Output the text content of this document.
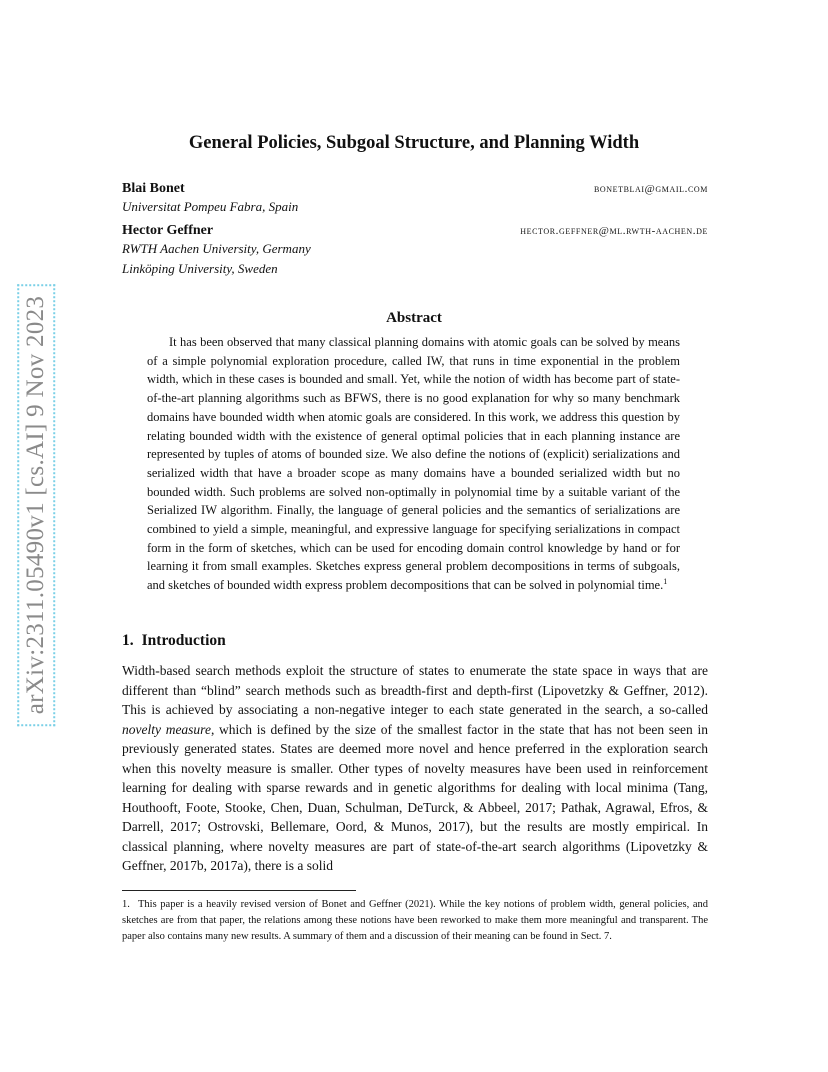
arXiv:2311.05490v1 [cs.AI] 9 Nov 2023
General Policies, Subgoal Structure, and Planning Width
Blai Bonet	bonetblai@gmail.com
Universitat Pompeu Fabra, Spain
Hector Geffner	hector.geffner@ml.rwth-aachen.de
RWTH Aachen University, Germany
Linköping University, Sweden
Abstract
It has been observed that many classical planning domains with atomic goals can be solved by means of a simple polynomial exploration procedure, called IW, that runs in time exponential in the problem width, which in these cases is bounded and small. Yet, while the notion of width has become part of state-of-the-art planning algorithms such as BFWS, there is no good explanation for why so many benchmark domains have bounded width when atomic goals are considered. In this work, we address this question by relating bounded width with the existence of general optimal policies that in each planning instance are represented by tuples of atoms of bounded size. We also define the notions of (explicit) serializations and serialized width that have a broader scope as many domains have a bounded serialized width but no bounded width. Such problems are solved non-optimally in polynomial time by a suitable variant of the Serialized IW algorithm. Finally, the language of general policies and the semantics of serializations are combined to yield a simple, meaningful, and expressive language for specifying serializations in compact form in the form of sketches, which can be used for encoding domain control knowledge by hand or for learning it from small examples. Sketches express general problem decompositions in terms of subgoals, and sketches of bounded width express problem decompositions that can be solved in polynomial time.$^1$
1. Introduction
Width-based search methods exploit the structure of states to enumerate the state space in ways that are different than “blind” search methods such as breadth-first and depth-first (Lipovetzky & Geffner, 2012). This is achieved by associating a non-negative integer to each state generated in the search, a so-called novelty measure, which is defined by the size of the smallest factor in the state that has not been seen in previously generated states. States are deemed more novel and hence preferred in the exploration search when this novelty measure is smaller. Other types of novelty measures have been used in reinforcement learning for dealing with sparse rewards and in genetic algorithms for dealing with local minima (Tang, Houthooft, Foote, Stooke, Chen, Duan, Schulman, DeTurck, & Abbeel, 2017; Pathak, Agrawal, Efros, & Darrell, 2017; Ostrovski, Bellemare, Oord, & Munos, 2017), but the results are mostly empirical. In classical planning, where novelty measures are part of state-of-the-art search algorithms (Lipovetzky & Geffner, 2017b, 2017a), there is a solid
1. This paper is a heavily revised version of Bonet and Geffner (2021). While the key notions of problem width, general policies, and sketches are from that paper, the relations among these notions have been reworked to make them more meaningful and transparent. The paper also contains many new results. A summary of them and a discussion of their meaning can be found in Sect. 7.
